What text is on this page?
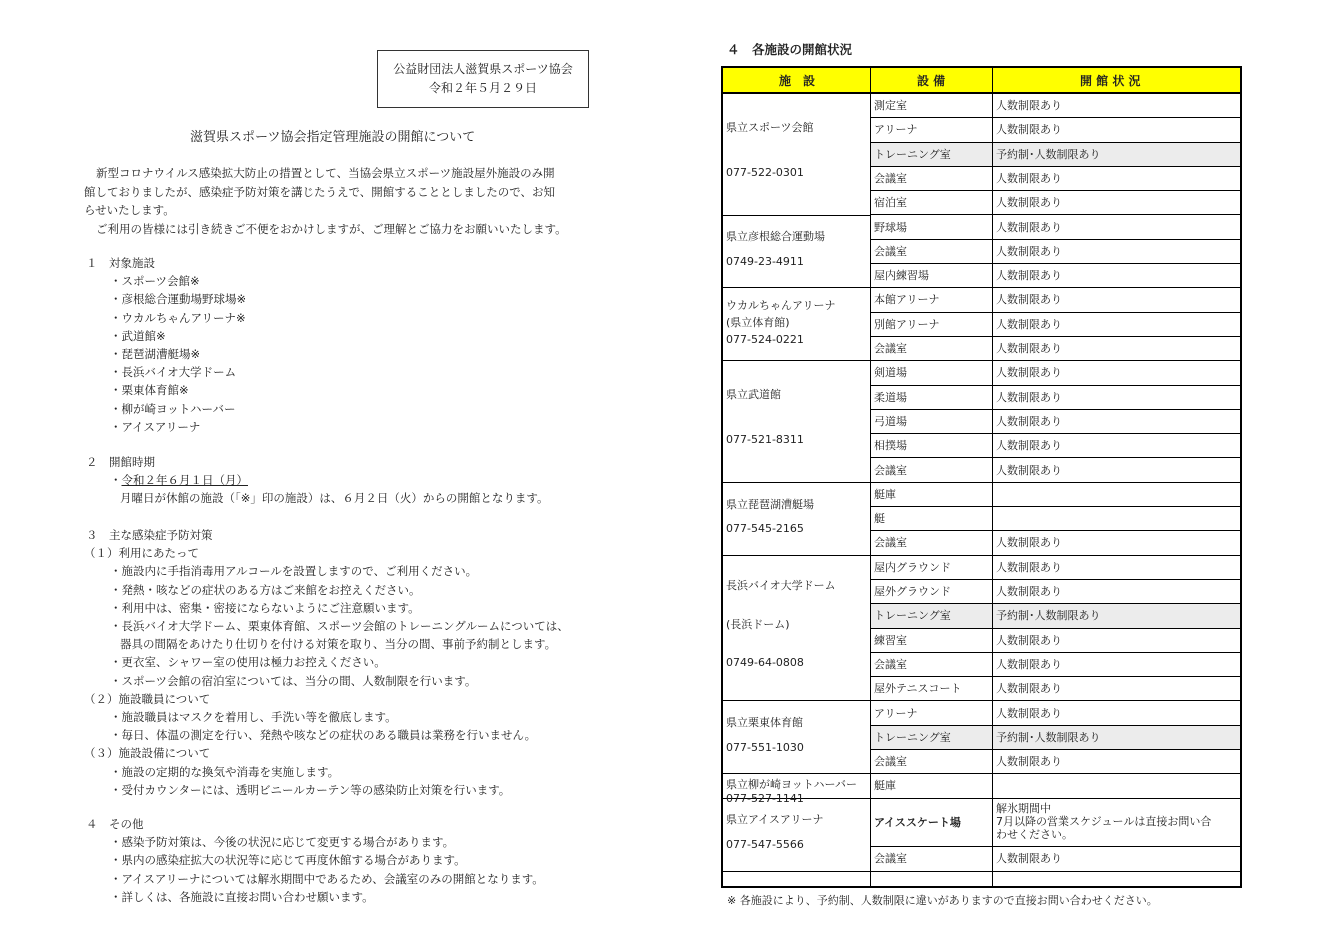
公益財団法人滋賀県スポーツ協会
令和２年５月２９日
滋賀県スポーツ協会指定管理施設の開館について

新型コロナウイルス感染拡大防止の措置として、当協会県立スポーツ施設屋外施設のみ開

館しておりましたが、感染症予防対策を講じたうえで、開館することとしましたので、お知

らせいたします。

ご利用の皆様には引き続きご不便をおかけしますが、ご理解とご協力をお願いいたします。

１　対象施設

・スポーツ会館※

・彦根総合運動場野球場※

・ウカルちゃんアリーナ※

・武道館※

・琵琶湖漕艇場※

・長浜バイオ大学ドーム

・栗東体育館※

・柳が崎ヨットハーバー

・アイスアリーナ

２　開館時期

・令和２年６月１日（月）

月曜日が休館の施設（「※」印の施設）は、６月２日（火）からの開館となります。

３　主な感染症予防対策

（１）利用にあたって

・施設内に手指消毒用アルコールを設置しますので、ご利用ください。

・発熱・咳などの症状のある方はご来館をお控えください。

・利用中は、密集・密接にならないようにご注意願います。

・長浜バイオ大学ドーム、栗東体育館、スポーツ会館のトレーニングルームについては、

器具の間隔をあけたり仕切りを付ける対策を取り、当分の間、事前予約制とします。

・更衣室、シャワー室の使用は極力お控えください。

・スポーツ会館の宿泊室については、当分の間、人数制限を行います。

（２）施設職員について

・施設職員はマスクを着用し、手洗い等を徹底します。

・毎日、体温の測定を行い、発熱や咳などの症状のある職員は業務を行いません。

（３）施設設備について

・施設の定期的な換気や消毒を実施します。

・受付カウンターには、透明ビニールカーテン等の感染防止対策を行います。

４　その他

・感染予防対策は、今後の状況に応じて変更する場合があります。

・県内の感染症拡大の状況等に応じて再度休館する場合があります。

・アイスアリーナについては解氷期間中であるため、会議室のみの開館となります。

・詳しくは、各施設に直接お問い合わせ願います。

４　各施設の開館状況
施　設	設 備	開 館 状 況
県立スポーツ会館
077-522-0301
県立彦根総合運動場
0749-23-4911
ウカルちゃんアリーナ
(県立体育館)
077-524-0221
県立武道館
077-521-8311
県立琵琶湖漕艇場
077-545-2165
長浜バイオ大学ドーム
(長浜ドーム)
0749-64-0808
県立栗東体育館
077-551-1030
県立柳が崎ヨットハーバー
077-527-1141
県立アイスアリーナ
077-547-5566
測定室
アリーナ
トレーニング室
会議室
宿泊室
野球場
会議室
屋内練習場
本館アリーナ
別館アリーナ
会議室
剣道場
柔道場
弓道場
相撲場
会議室
艇庫
艇
会議室
屋内グラウンド
屋外グラウンド
トレーニング室
練習室
会議室
屋外テニスコート
アリーナ
トレーニング室
会議室
艇庫
アイススケート場
会議室
人数制限あり
人数制限あり
予約制･人数制限あり
人数制限あり
人数制限あり
人数制限あり
人数制限あり
人数制限あり
人数制限あり
人数制限あり
人数制限あり
人数制限あり
人数制限あり
人数制限あり
人数制限あり
人数制限あり
人数制限あり
人数制限あり
人数制限あり
予約制･人数制限あり
人数制限あり
人数制限あり
人数制限あり
人数制限あり
予約制･人数制限あり
人数制限あり
解氷期間中
7月以降の営業スケジュールは直接お問い合
わせください。
人数制限あり
※ 各施設により、予約制、人数制限に違いがありますので直接お問い合わせください。
